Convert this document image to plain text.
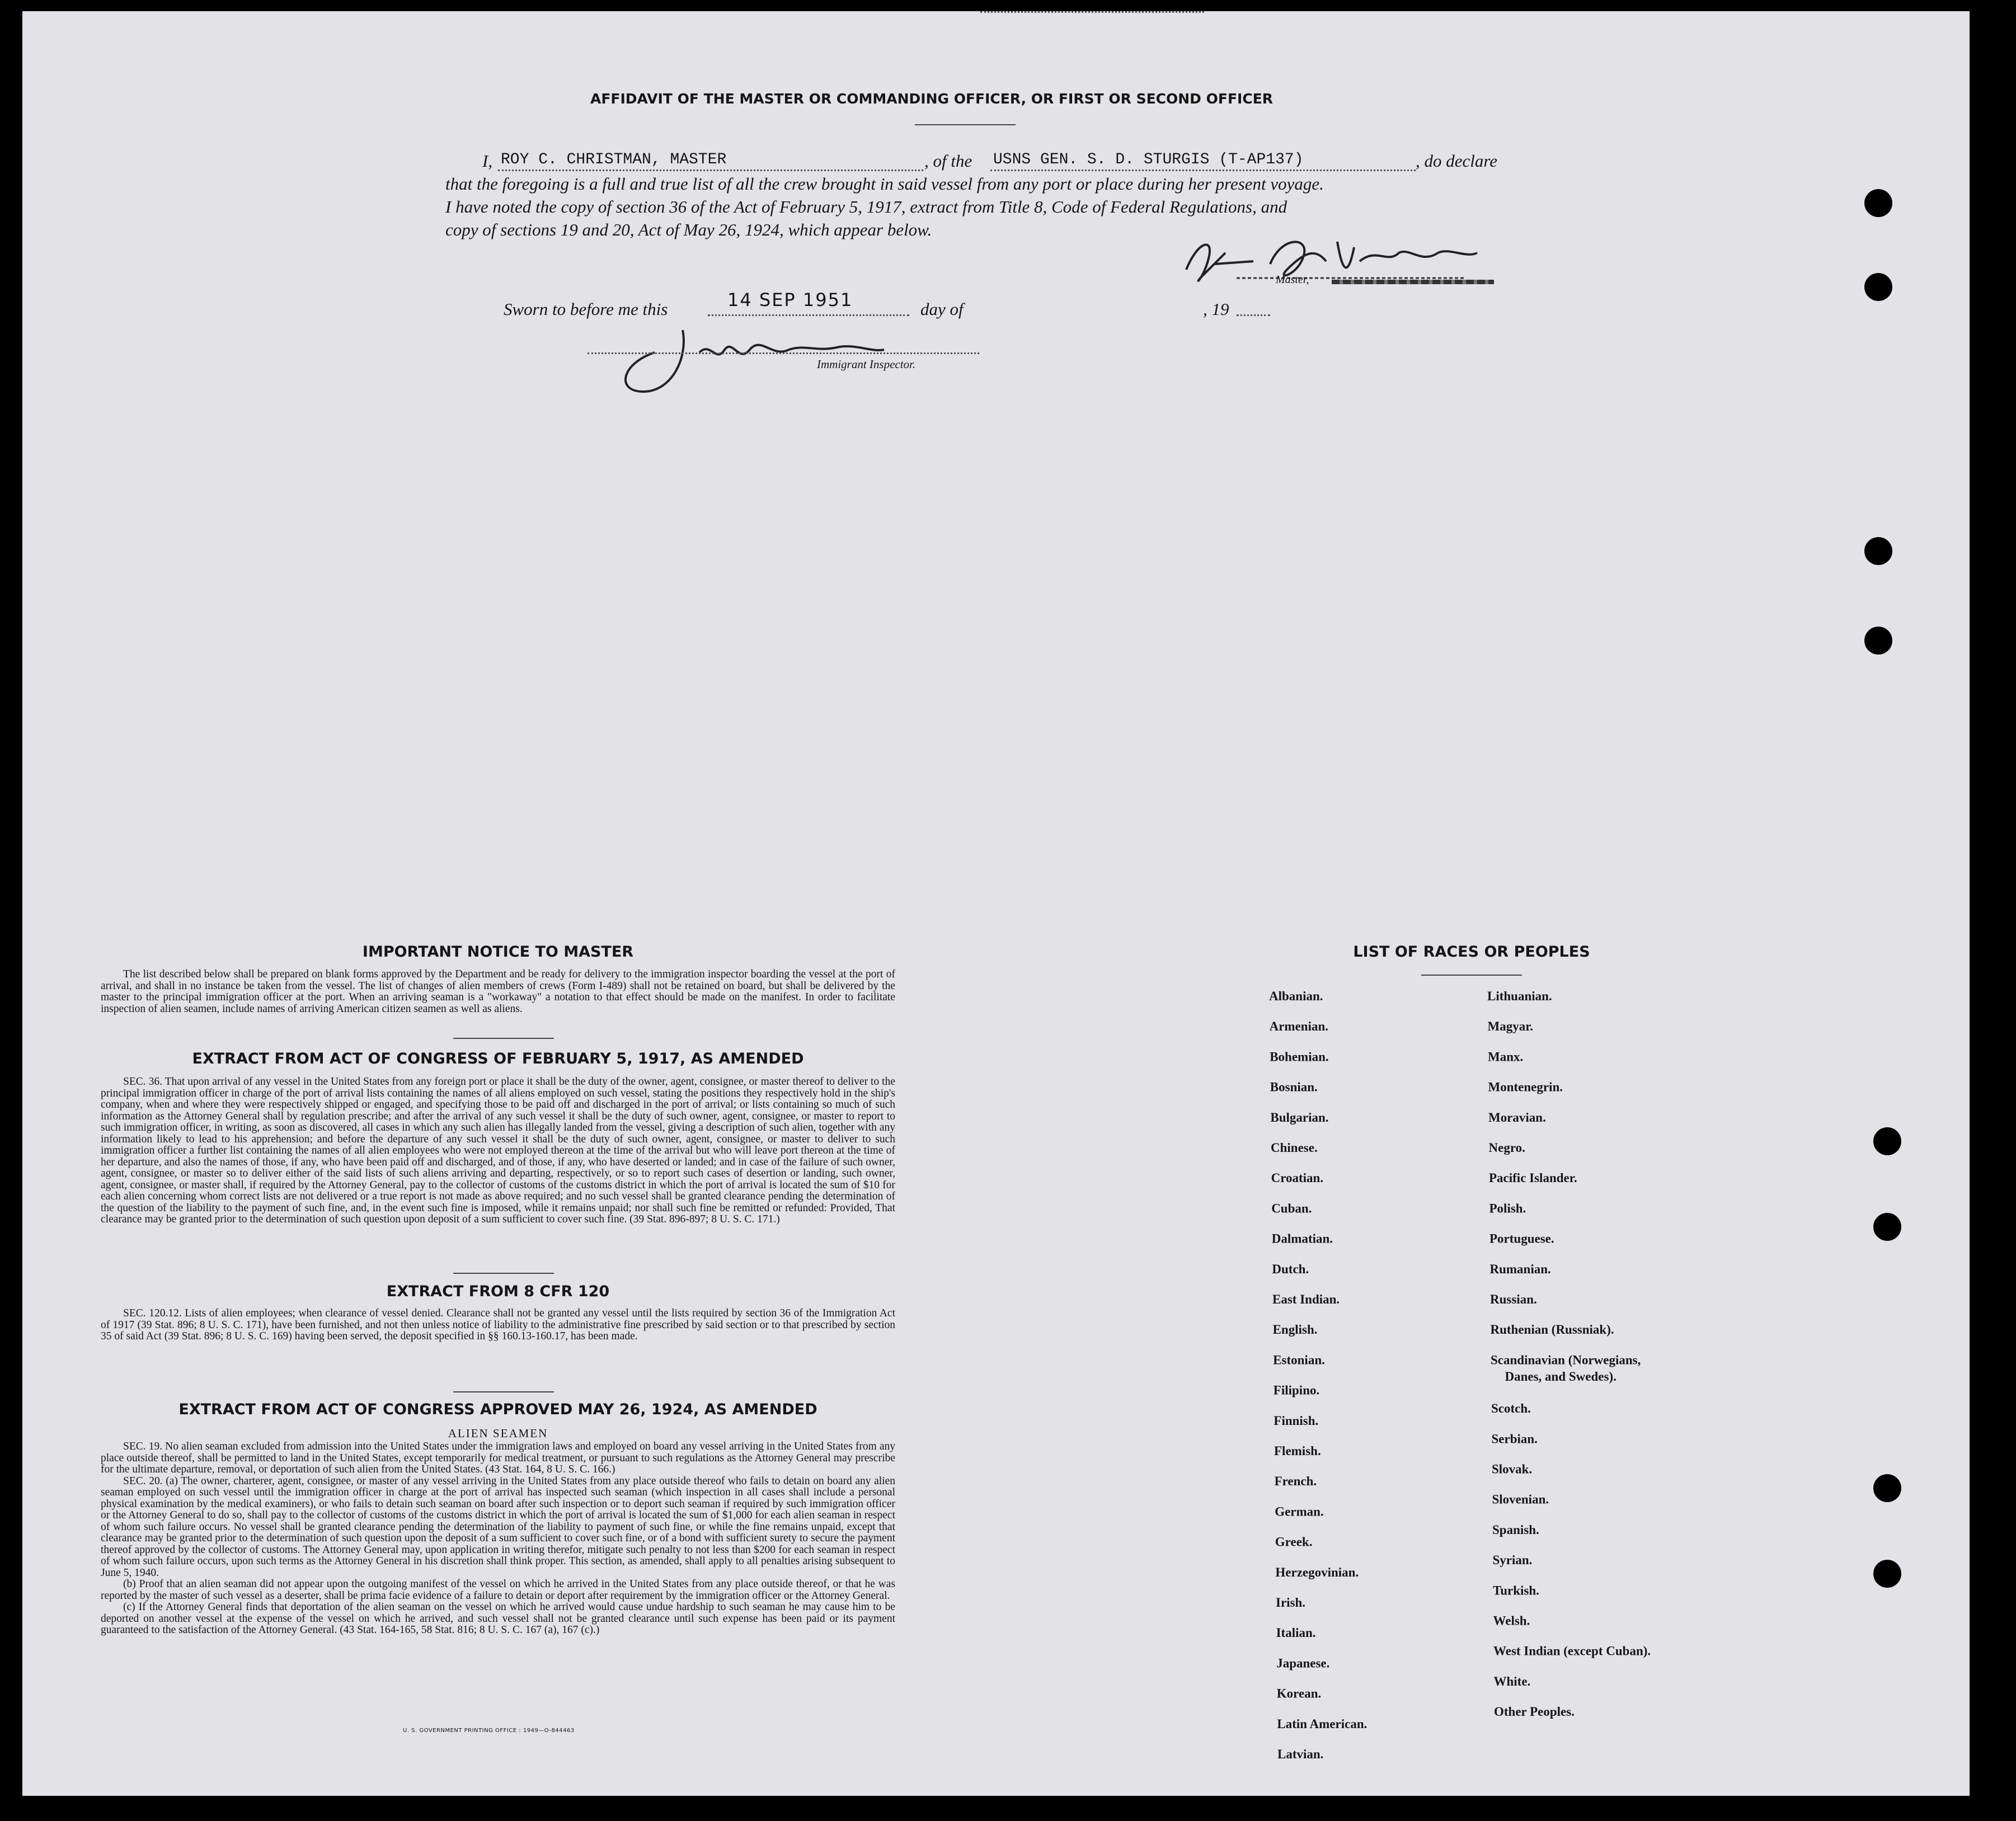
AFFIDAVIT OF THE MASTER OR COMMANDING OFFICER, OR FIRST OR SECOND OFFICER
I, ROY C. CHRISTMAN, MASTER	, of the USNS GEN. S. D. STURGIS (T-AP137)	, do declare
that the foregoing is a full and true list of all the crew brought in said vessel from any port or place during her present voyage.
I have noted the copy of section 36 of the Act of February 5, 1917, extract from Title 8, Code of Federal Regulations, and
copy of sections 19 and 20, Act of May 26, 1924, which appear below.
Master,
Sworn to before me this	14 SEP 1951	day of	, 19
Immigrant Inspector.
IMPORTANT NOTICE TO MASTER

The list described below shall be prepared on blank forms approved by the Department and be ready for delivery to the immigration inspector boarding the vessel at the port of arrival, and shall in no instance be taken from the vessel. The list of changes of alien members of crews (Form I-489) shall not be retained on board, but shall be delivered by the master to the principal immigration officer at the port. When an arriving seaman is a "workaway" a notation to that effect should be made on the manifest. In order to facilitate inspection of alien seamen, include names of arriving American citizen seamen as well as aliens.

EXTRACT FROM ACT OF CONGRESS OF FEBRUARY 5, 1917, AS AMENDED

SEC. 36. That upon arrival of any vessel in the United States from any foreign port or place it shall be the duty of the owner, agent, consignee, or master thereof to deliver to the principal immigration officer in charge of the port of arrival lists containing the names of all aliens employed on such vessel, stating the positions they respectively hold in the ship's company, when and where they were respectively shipped or engaged, and specifying those to be paid off and discharged in the port of arrival; or lists containing so much of such information as the Attorney General shall by regulation prescribe; and after the arrival of any such vessel it shall be the duty of such owner, agent, consignee, or master to report to such immigration officer, in writing, as soon as discovered, all cases in which any such alien has illegally landed from the vessel, giving a description of such alien, together with any information likely to lead to his apprehension; and before the departure of any such vessel it shall be the duty of such owner, agent, consignee, or master to deliver to such immigration officer a further list containing the names of all alien employees who were not employed thereon at the time of the arrival but who will leave port thereon at the time of her departure, and also the names of those, if any, who have been paid off and discharged, and of those, if any, who have deserted or landed; and in case of the failure of such owner, agent, consignee, or master so to deliver either of the said lists of such aliens arriving and departing, respectively, or so to report such cases of desertion or landing, such owner, agent, consignee, or master shall, if required by the Attorney General, pay to the collector of customs of the customs district in which the port of arrival is located the sum of $10 for each alien concerning whom correct lists are not delivered or a true report is not made as above required; and no such vessel shall be granted clearance pending the determination of the question of the liability to the payment of such fine, and, in the event such fine is imposed, while it remains unpaid; nor shall such fine be remitted or refunded: Provided, That clearance may be granted prior to the determination of such question upon deposit of a sum sufficient to cover such fine. (39 Stat. 896-897; 8 U. S. C. 171.)

EXTRACT FROM 8 CFR 120

SEC. 120.12. Lists of alien employees; when clearance of vessel denied. Clearance shall not be granted any vessel until the lists required by section 36 of the Immigration Act of 1917 (39 Stat. 896; 8 U. S. C. 171), have been furnished, and not then unless notice of liability to the administrative fine prescribed by said section or to that prescribed by section 35 of said Act (39 Stat. 896; 8 U. S. C. 169) having been served, the deposit specified in §§ 160.13-160.17, has been made.

EXTRACT FROM ACT OF CONGRESS APPROVED MAY 26, 1924, AS AMENDED
ALIEN SEAMEN

SEC. 19. No alien seaman excluded from admission into the United States under the immigration laws and employed on board any vessel arriving in the United States from any place outside thereof, shall be permitted to land in the United States, except temporarily for medical treatment, or pursuant to such regulations as the Attorney General may prescribe for the ultimate departure, removal, or deportation of such alien from the United States. (43 Stat. 164, 8 U. S. C. 166.)

SEC. 20. (a) The owner, charterer, agent, consignee, or master of any vessel arriving in the United States from any place outside thereof who fails to detain on board any alien seaman employed on such vessel until the immigration officer in charge at the port of arrival has inspected such seaman (which inspection in all cases shall include a personal physical examination by the medical examiners), or who fails to detain such seaman on board after such inspection or to deport such seaman if required by such immigration officer or the Attorney General to do so, shall pay to the collector of customs of the customs district in which the port of arrival is located the sum of $1,000 for each alien seaman in respect of whom such failure occurs. No vessel shall be granted clearance pending the determination of the liability to payment of such fine, or while the fine remains unpaid, except that clearance may be granted prior to the determination of such question upon the deposit of a sum sufficient to cover such fine, or of a bond with sufficient surety to secure the payment thereof approved by the collector of customs. The Attorney General may, upon application in writing therefor, mitigate such penalty to not less than $200 for each seaman in respect of whom such failure occurs, upon such terms as the Attorney General in his discretion shall think proper. This section, as amended, shall apply to all penalties arising subsequent to June 5, 1940.

(b) Proof that an alien seaman did not appear upon the outgoing manifest of the vessel on which he arrived in the United States from any place outside thereof, or that he was reported by the master of such vessel as a deserter, shall be prima facie evidence of a failure to detain or deport after requirement by the immigration officer or the Attorney General.

(c) If the Attorney General finds that deportation of the alien seaman on the vessel on which he arrived would cause undue hardship to such seaman he may cause him to be deported on another vessel at the expense of the vessel on which he arrived, and such vessel shall not be granted clearance until such expense has been paid or its payment guaranteed to the satisfaction of the Attorney General. (43 Stat. 164-165, 58 Stat. 816; 8 U. S. C. 167 (a), 167 (c).)

U. S. GOVERNMENT PRINTING OFFICE : 1949—O-844463
LIST OF RACES OR PEOPLES
Albanian.
Armenian.
Bohemian.
Bosnian.
Bulgarian.
Chinese.
Croatian.
Cuban.
Dalmatian.
Dutch.
East Indian.
English.
Estonian.
Filipino.
Finnish.
Flemish.
French.
German.
Greek.
Herzegovinian.
Irish.
Italian.
Japanese.
Korean.
Latin American.
Latvian.
Lithuanian.
Magyar.
Manx.
Montenegrin.
Moravian.
Negro.
Pacific Islander.
Polish.
Portuguese.
Rumanian.
Russian.
Ruthenian (Russniak).
Scandinavian (Norwegians,
Danes, and Swedes).
Scotch.
Serbian.
Slovak.
Slovenian.
Spanish.
Syrian.
Turkish.
Welsh.
West Indian (except Cuban).
White.
Other Peoples.
